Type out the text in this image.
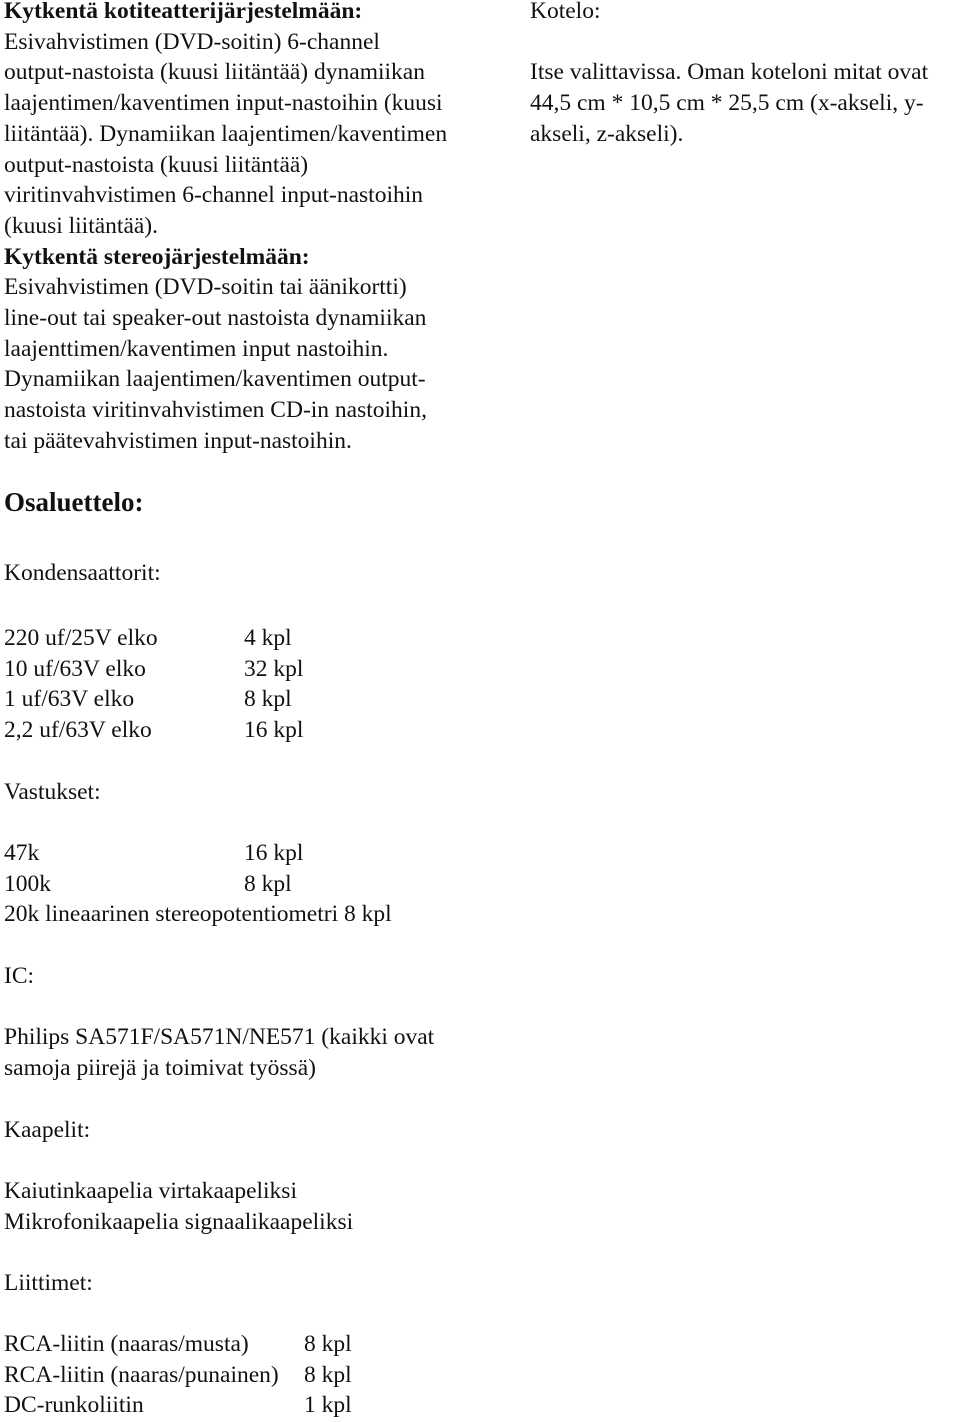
Kytkentä kotiteatterijärjestelmään:

Esivahvistimen (DVD-soitin) 6-channel

output-nastoista (kuusi liitäntää) dynamiikan

laajentimen/kaventimen input-nastoihin (kuusi

liitäntää). Dynamiikan laajentimen/kaventimen

output-nastoista (kuusi liitäntää)

viritinvahvistimen 6-channel input-nastoihin

(kuusi liitäntää).

Kytkentä stereojärjestelmään:

Esivahvistimen (DVD-soitin tai äänikortti)

line-out tai speaker-out nastoista dynamiikan

laajenttimen/kaventimen input nastoihin.

Dynamiikan laajentimen/kaventimen output-

nastoista viritinvahvistimen CD-in nastoihin,

tai päätevahvistimen input-nastoihin.

Kotelo:

Itse valittavissa. Oman koteloni mitat ovat

44,5 cm * 10,5 cm * 25,5 cm (x-akseli, y-

akseli, z-akseli).

Osaluettelo:
Kondensaattorit:
220 uf/25V elko	4 kpl
10 uf/63V elko	32 kpl
1 uf/63V elko	8 kpl
2,2 uf/63V elko	16 kpl
Vastukset:
47k	16 kpl
100k	8 kpl
20k lineaarinen stereopotentiometri 8 kpl
IC:

Philips SA571F/SA571N/NE571 (kaikki ovat

samoja piirejä ja toimivat työssä)

Kaapelit:

Kaiutinkaapelia virtakaapeliksi

Mikrofonikaapelia signaalikaapeliksi

Liittimet:
RCA-liitin (naaras/musta)	8 kpl
RCA-liitin (naaras/punainen)	8 kpl
DC-runkoliitin	1 kpl
